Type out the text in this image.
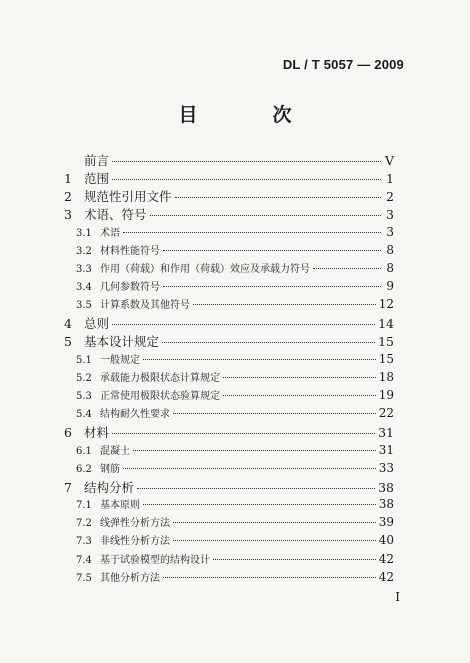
DL / T 5057 — 2009
目　次
前言	V
1 范围	1
2 规范性引用文件	2
3 术语、符号	3
3.1 术语	3
3.2 材料性能符号	8
3.3 作用（荷载）和作用（荷载）效应及承载力符号	8
3.4 几何参数符号	9
3.5 计算系数及其他符号	12
4 总则	14
5 基本设计规定	15
5.1 一般规定	15
5.2 承载能力极限状态计算规定	18
5.3 正常使用极限状态验算规定	19
5.4 结构耐久性要求	22
6 材料	31
6.1 混凝土	31
6.2 钢筋	33
7 结构分析	38
7.1 基本原则	38
7.2 线弹性分析方法	39
7.3 非线性分析方法	40
7.4 基于试验模型的结构设计	42
7.5 其他分析方法	42
I
